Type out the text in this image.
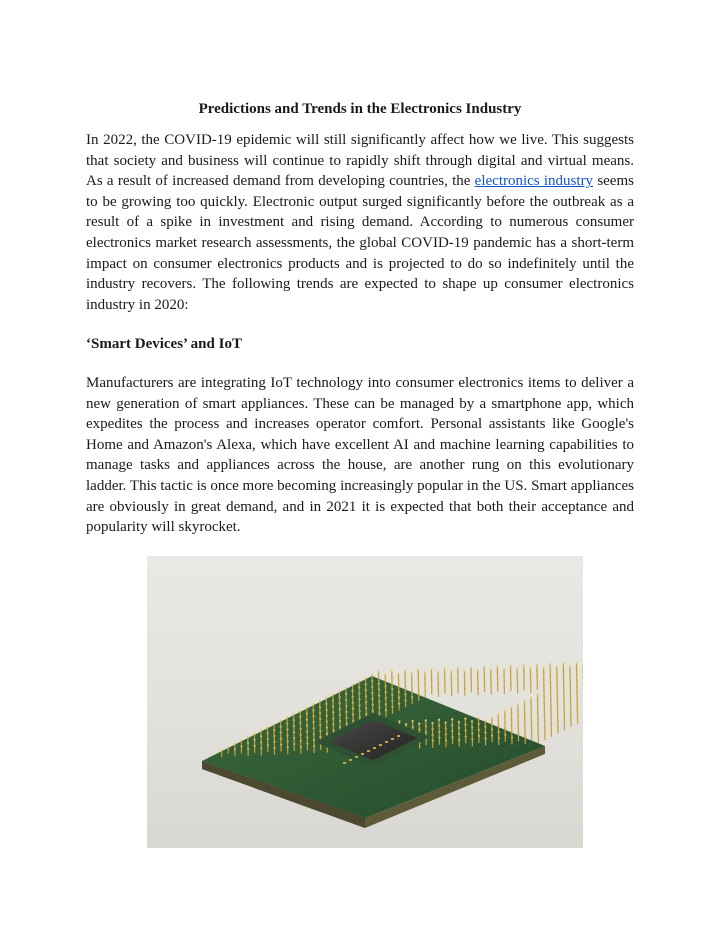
Predictions and Trends in the Electronics Industry

In 2022, the COVID-19 epidemic will still significantly affect how we live. This suggests that society and business will continue to rapidly shift through digital and virtual means. As a result of increased demand from developing countries, the electronics industry seems to be growing too quickly. Electronic output surged significantly before the outbreak as a result of a spike in investment and rising demand. According to numerous consumer electronics market research assessments, the global COVID-19 pandemic has a short-term impact on consumer electronics products and is projected to do so indefinitely until the industry recovers. The following trends are expected to shape up consumer electronics industry in 2020:

‘Smart Devices’ and IoT

Manufacturers are integrating IoT technology into consumer electronics items to deliver a new generation of smart appliances. These can be managed by a smartphone app, which expedites the process and increases operator comfort. Personal assistants like Google's Home and Amazon's Alexa, which have excellent AI and machine learning capabilities to manage tasks and appliances across the house, are another rung on this evolutionary ladder. This tactic is once more becoming increasingly popular in the US. Smart appliances are obviously in great demand, and in 2021 it is expected that both their acceptance and popularity will skyrocket.
